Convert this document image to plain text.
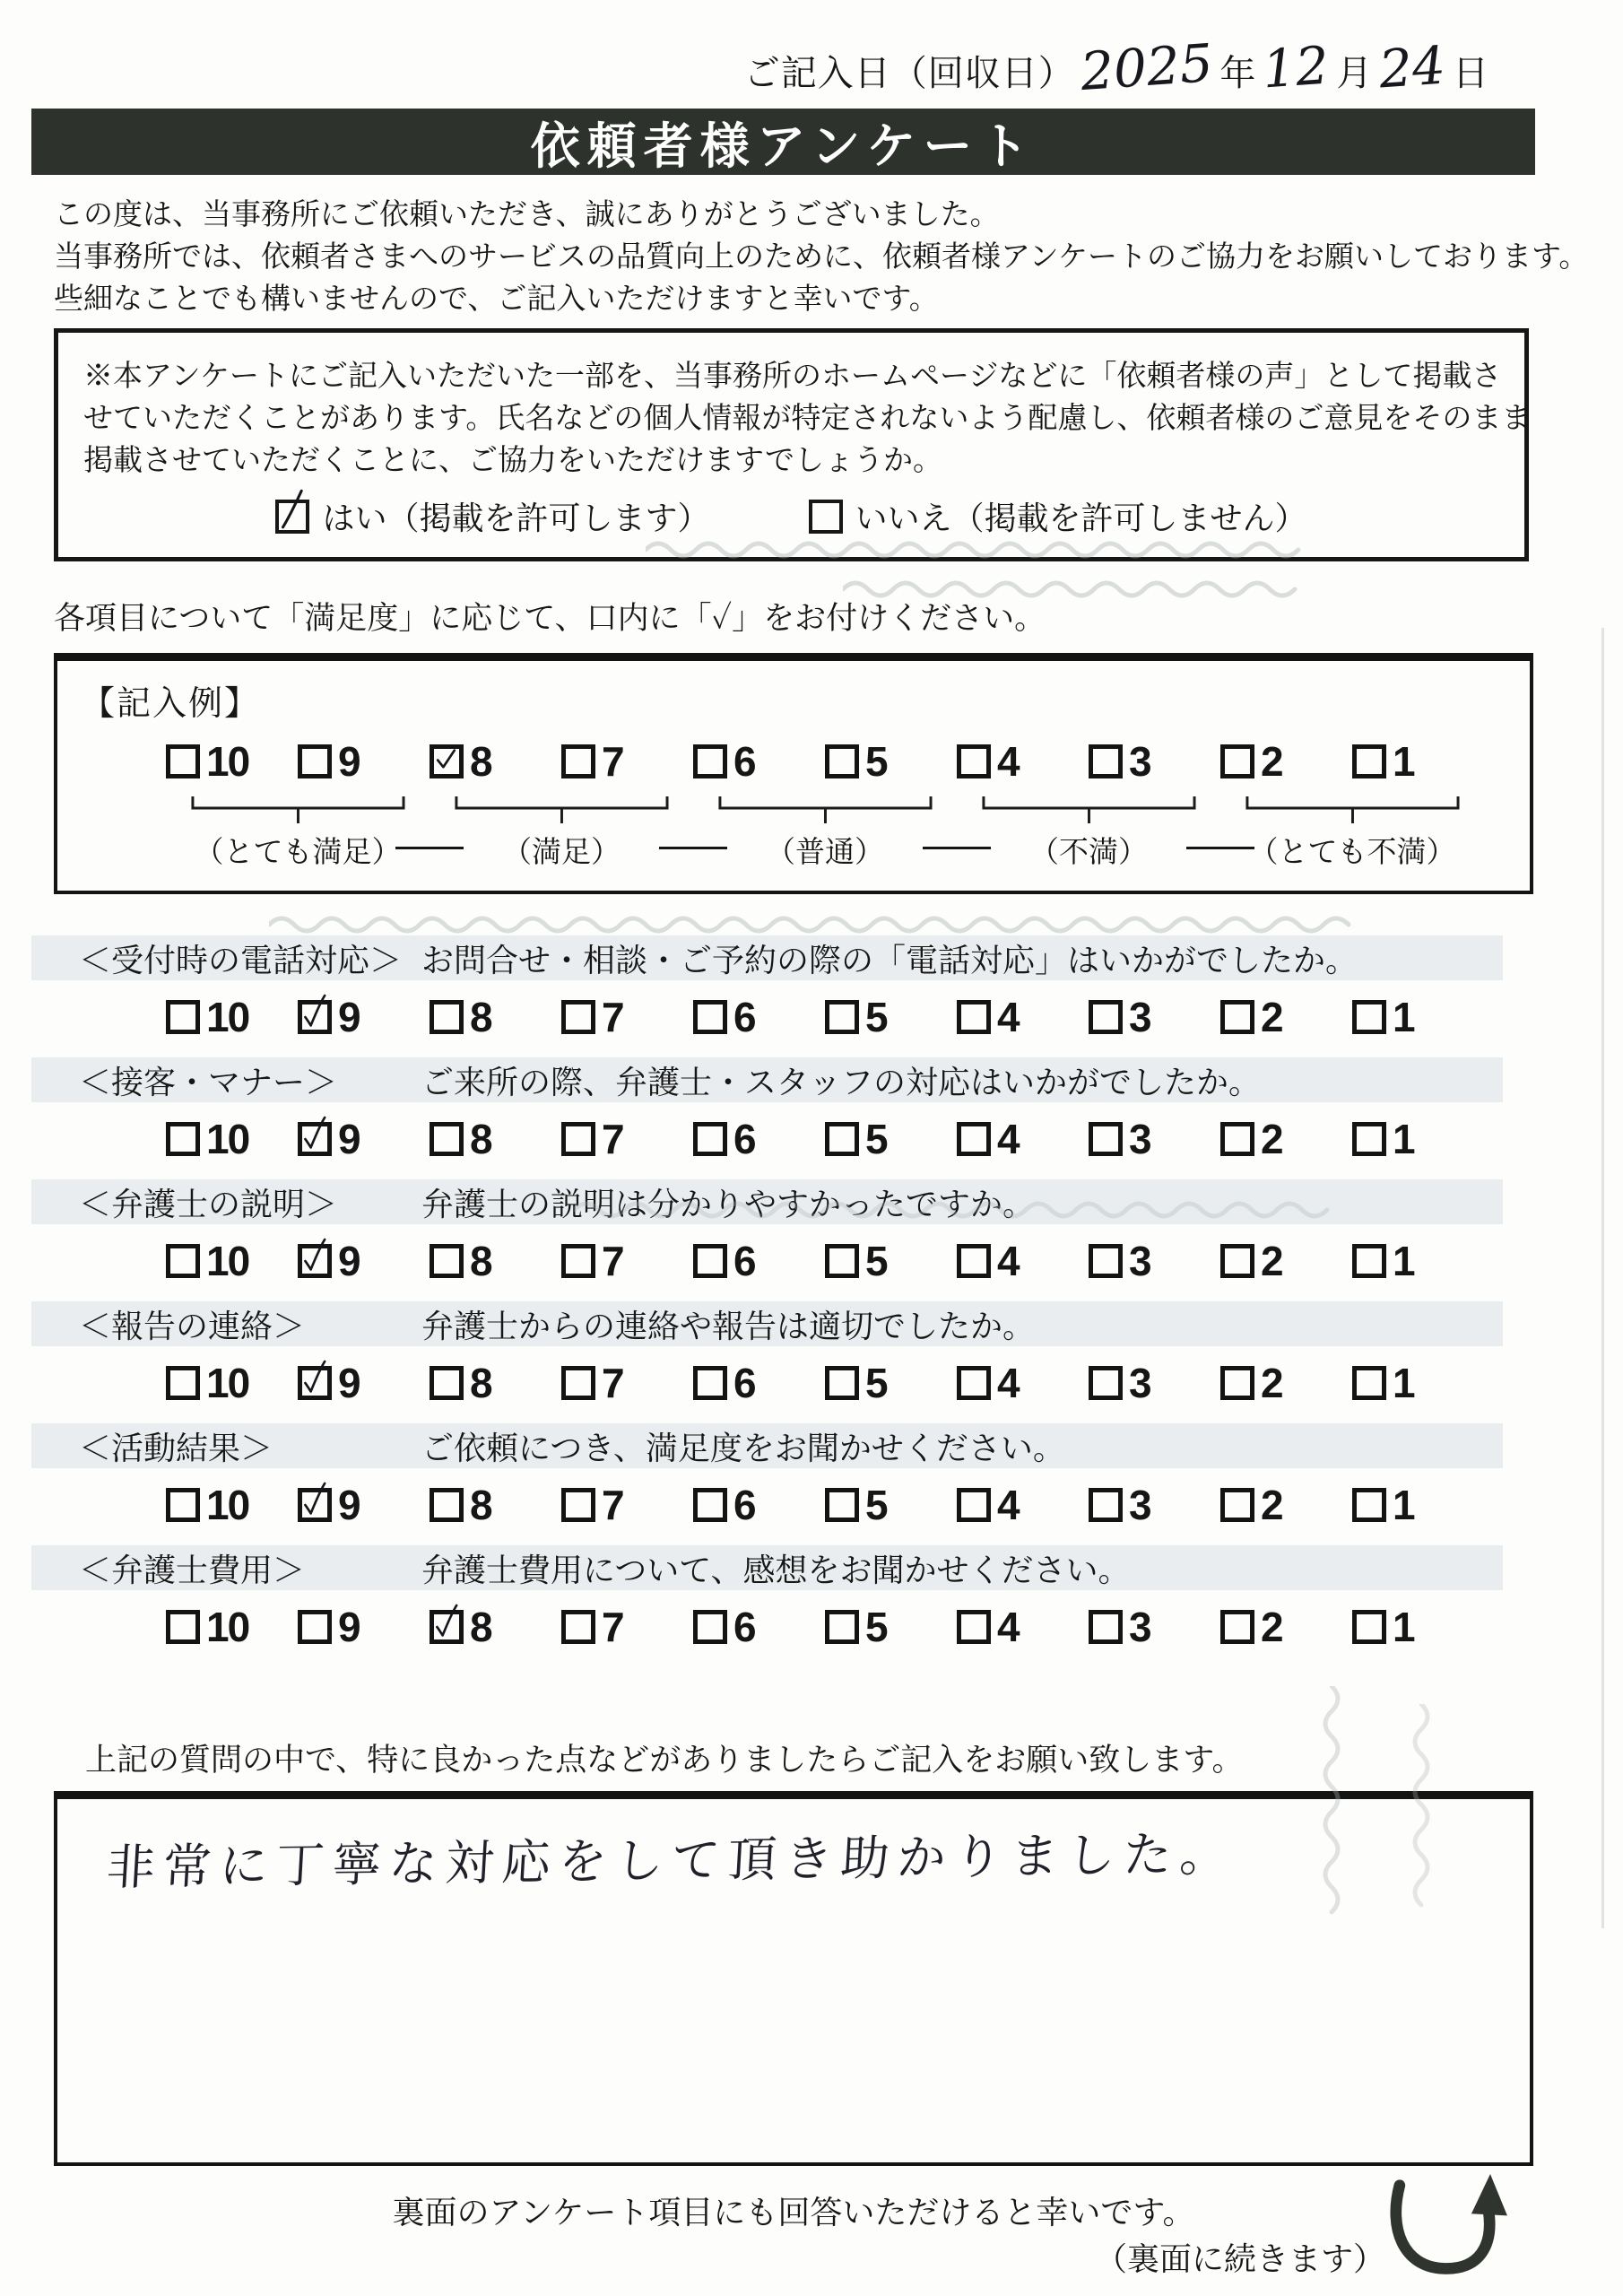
ご記入日（回収日） 2025 年 12 月 24 日
依頼者様アンケート

この度は、当事務所にご依頼いただき、誠にありがとうございました。

当事務所では、依頼者さまへのサービスの品質向上のために、依頼者様アンケートのご協力をお願いしております。

些細なことでも構いませんので、ご記入いただけますと幸いです。

※本アンケートにご記入いただいた一部を、当事務所のホームページなどに「依頼者様の声」として掲載さ

せていただくことがあります。氏名などの個人情報が特定されないよう配慮し、依頼者様のご意見をそのまま

掲載させていただくことに、ご協力をいただけますでしょうか。

はい（掲載を許可します）	いいえ（掲載を許可しません）

各項目について「満足度」に応じて、口内に「✓」をお付けください。

【記入例】
10 9	8	7	6	5	4	3	2	1
（とても満足）	（満足）	（普通）	（不満）	（とても不満）
＜受付時の電話対応＞ お問合せ・相談・ご予約の際の「電話対応」はいかがでしたか。
10 9	8	7	6	5	4	3	2	1
＜接客・マナー＞	ご来所の際、弁護士・スタッフの対応はいかがでしたか。
10 9	8	7	6	5	4	3	2	1
＜弁護士の説明＞	弁護士の説明は分かりやすかったですか。
10 9	8	7	6	5	4	3	2	1
＜報告の連絡＞	弁護士からの連絡や報告は適切でしたか。
10 9	8	7	6	5	4	3	2	1
＜活動結果＞	ご依頼につき、満足度をお聞かせください。
10 9	8	7	6	5	4	3	2	1
＜弁護士費用＞	弁護士費用について、感想をお聞かせください。
10 9	8	7	6	5	4	3	2	1

上記の質問の中で、特に良かった点などがありましたらご記入をお願い致します。

非常に丁寧な対応をして頂き助かりました。

裏面のアンケート項目にも回答いただけると幸いです。

（裏面に続きます）
